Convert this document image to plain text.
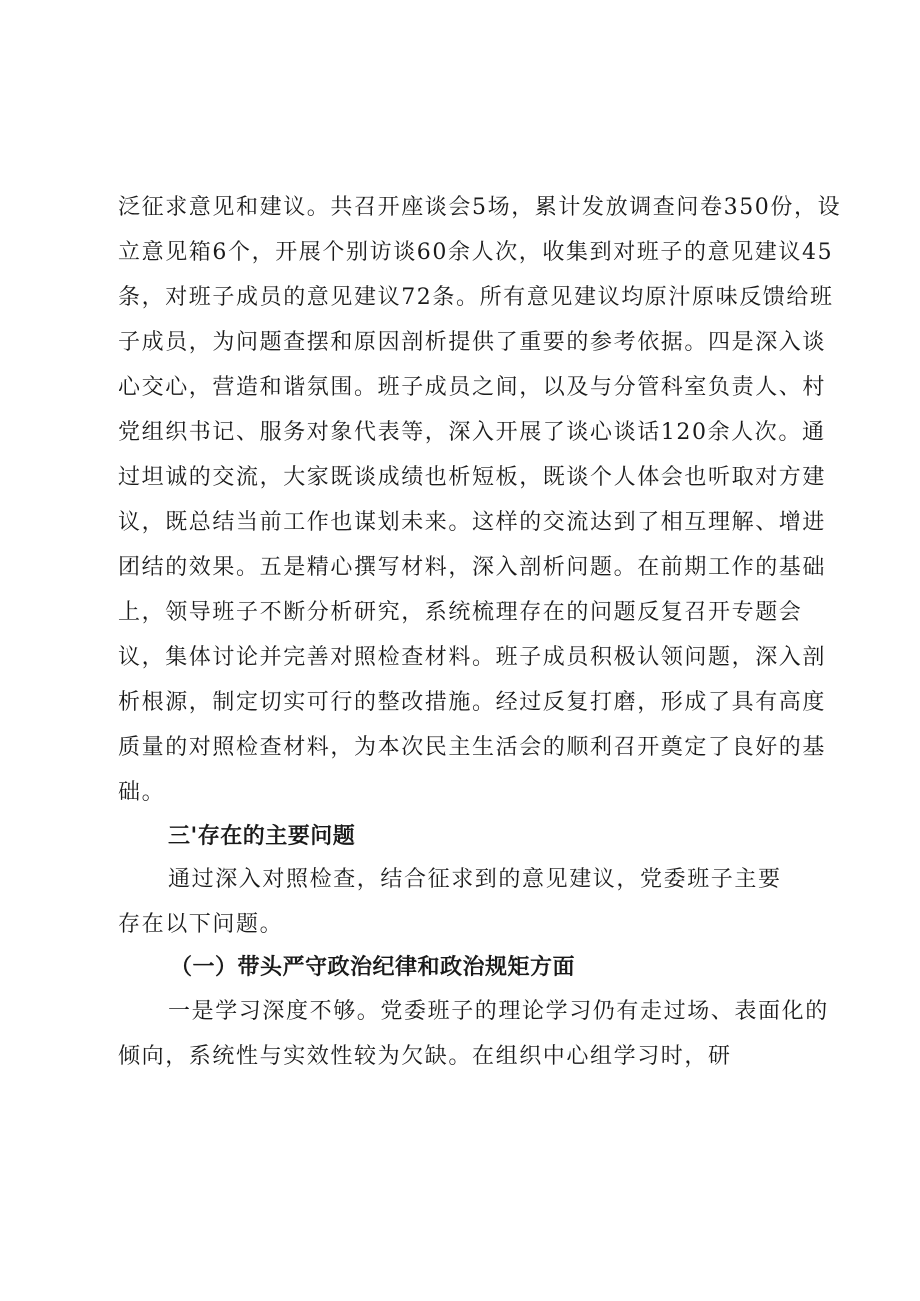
泛征求意见和建议。共召开座谈会5场，累计发放调查问卷350份，设
立意见箱6个，开展个别访谈60余人次，收集到对班子的意见建议45
条，对班子成员的意见建议72条。所有意见建议均原汁原味反馈给班
子成员，为问题查摆和原因剖析提供了重要的参考依据。四是深入谈
心交心，营造和谐氛围。班子成员之间，以及与分管科室负责人、村
党组织书记、服务对象代表等，深入开展了谈心谈话120余人次。通
过坦诚的交流，大家既谈成绩也析短板，既谈个人体会也听取对方建
议，既总结当前工作也谋划未来。这样的交流达到了相互理解、增进
团结的效果。五是精心撰写材料，深入剖析问题。在前期工作的基础
上，领导班子不断分析研究，系统梳理存在的问题反复召开专题会
议，集体讨论并完善对照检查材料。班子成员积极认领问题，深入剖
析根源，制定切实可行的整改措施。经过反复打磨，形成了具有高度
质量的对照检查材料，为本次民主生活会的顺利召开奠定了良好的基
础。
三'存在的主要问题
通过深入对照检查，结合征求到的意见建议，党委班子主要
存在以下问题。
（一）带头严守政治纪律和政治规矩方面
一是学习深度不够。党委班子的理论学习仍有走过场、表面化的
倾向，系统性与实效性较为欠缺。在组织中心组学习时，研
